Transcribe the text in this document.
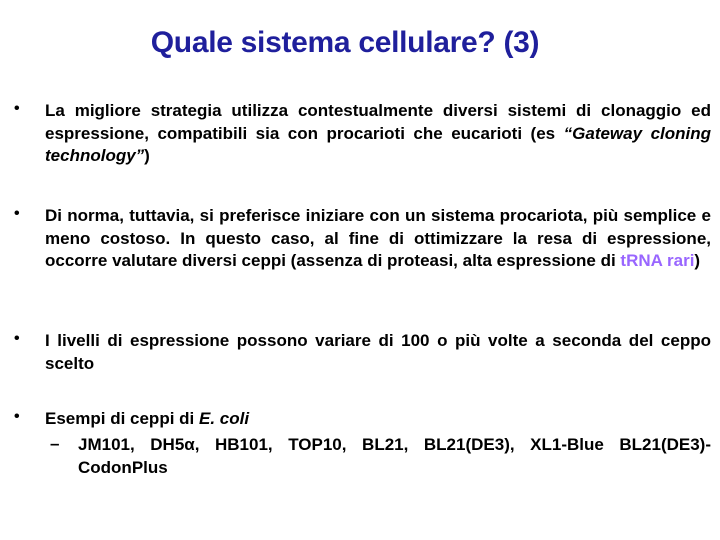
Quale sistema cellulare? (3)
• La migliore strategia utilizza contestualmente diversi sistemi di clonaggio ed espressione, compatibili sia con procarioti che eucarioti (es “Gateway cloning technology”)
• Di norma, tuttavia, si preferisce iniziare con un sistema procariota, più semplice e meno costoso. In questo caso, al fine di ottimizzare la resa di espressione, occorre valutare diversi ceppi (assenza di proteasi, alta espressione di tRNA rari)
• I livelli di espressione possono variare di 100 o più volte a seconda del ceppo scelto
• Esempi di ceppi di E. coli
– JM101, DH5α, HB101, TOP10, BL21, BL21(DE3), XL1-Blue BL21(DE3)-CodonPlus
